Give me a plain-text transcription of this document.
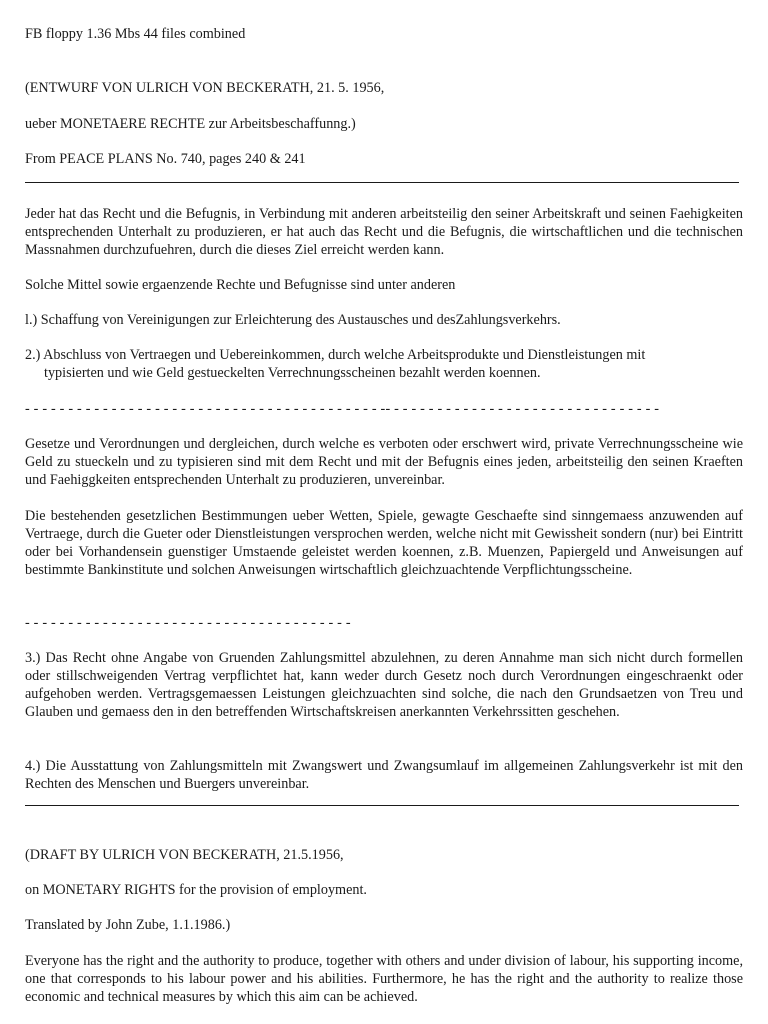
FB floppy 1.36 Mbs 44 files combined
(ENTWURF VON ULRICH VON BECKERATH, 21. 5. 1956,
ueber MONETAERE RECHTE zur Arbeitsbeschaffunng.)
From PEACE PLANS No. 740, pages 240 & 241

Jeder hat das Recht und die Befugnis, in Verbindung mit anderen arbeitsteilig den seiner Arbeitskraft und seinen Faehigkeiten entsprechenden Unterhalt zu produzieren, er hat auch das Recht und die Befugnis, die wirtschaftlichen und die technischen Massnahmen durchzufuehren, durch die dieses Ziel erreicht werden kann.

Solche Mittel sowie ergaenzende Rechte und Befugnisse sind unter anderen
l.) Schaffung von Vereinigungen zur Erleichterung des Austausches und desZahlungsverkehrs.
2.) Abschluss von Vertraegen und Uebereinkommen, durch welche Arbeitsprodukte und Dienstleistungen mit
typisierten und wie Geld gestueckelten Verrechnungsscheinen bezahlt werden koennen.
- - - - - - - - - - - - - - - - - - - - - - - - - - - - - - - - - - - - - - - - - -- - - - - - - - - - - - - - - - - - - - - - - - - - - - - - - -

Gesetze und Verordnungen und dergleichen, durch welche es verboten oder erschwert wird, private Verrechnungsscheine wie Geld zu stueckeln und zu typisieren sind mit dem Recht und mit der Befugnis eines jeden, arbeitsteilig den seinen Kraeften und Faehiggkeiten entsprechenden Unterhalt zu produzieren, unvereinbar.

Die bestehenden gesetzlichen Bestimmungen ueber Wetten, Spiele, gewagte Geschaefte sind sinngemaess anzuwenden auf Vertraege, durch die Gueter oder Dienstleistungen versprochen werden, welche nicht mit Gewissheit sondern (nur) bei Eintritt oder bei Vorhandensein guenstiger Umstaende geleistet werden koennen, z.B. Muenzen, Papiergeld und Anweisungen auf bestimmte Bankinstitute und solchen Anweisungen wirtschaftlich gleichzuachtende Verpflichtungsscheine.

- - - - - - - - - - - - - - - - - - - - - - - - - - - - - - - - - - - - - -

3.) Das Recht ohne Angabe von Gruenden Zahlungsmittel abzulehnen, zu deren Annahme man sich nicht durch formellen oder stillschweigenden Vertrag verpflichtet hat, kann weder durch Gesetz noch durch Verordnungen eingeschraenkt oder aufgehoben werden. Vertragsgemaessen Leistungen gleichzuachten sind solche, die nach den Grundsaetzen von Treu und Glauben und gemaess den in den betreffenden Wirtschaftskreisen anerkannten Verkehrssitten geschehen.

4.) Die Ausstattung von Zahlungsmitteln mit Zwangswert und Zwangsumlauf im allgemeinen Zahlungsverkehr ist mit den Rechten des Menschen und Buergers unvereinbar.

(DRAFT BY ULRICH VON BECKERATH, 21.5.1956,
on MONETARY RIGHTS for the provision of employment.
Translated by John Zube, 1.1.1986.)

Everyone has the right and the authority to produce, together with others and under division of labour, his supporting income, one that corresponds to his labour power and his abilities. Furthermore, he has the right and the authority to realize those economic and technical measures by which this aim can be achieved.
